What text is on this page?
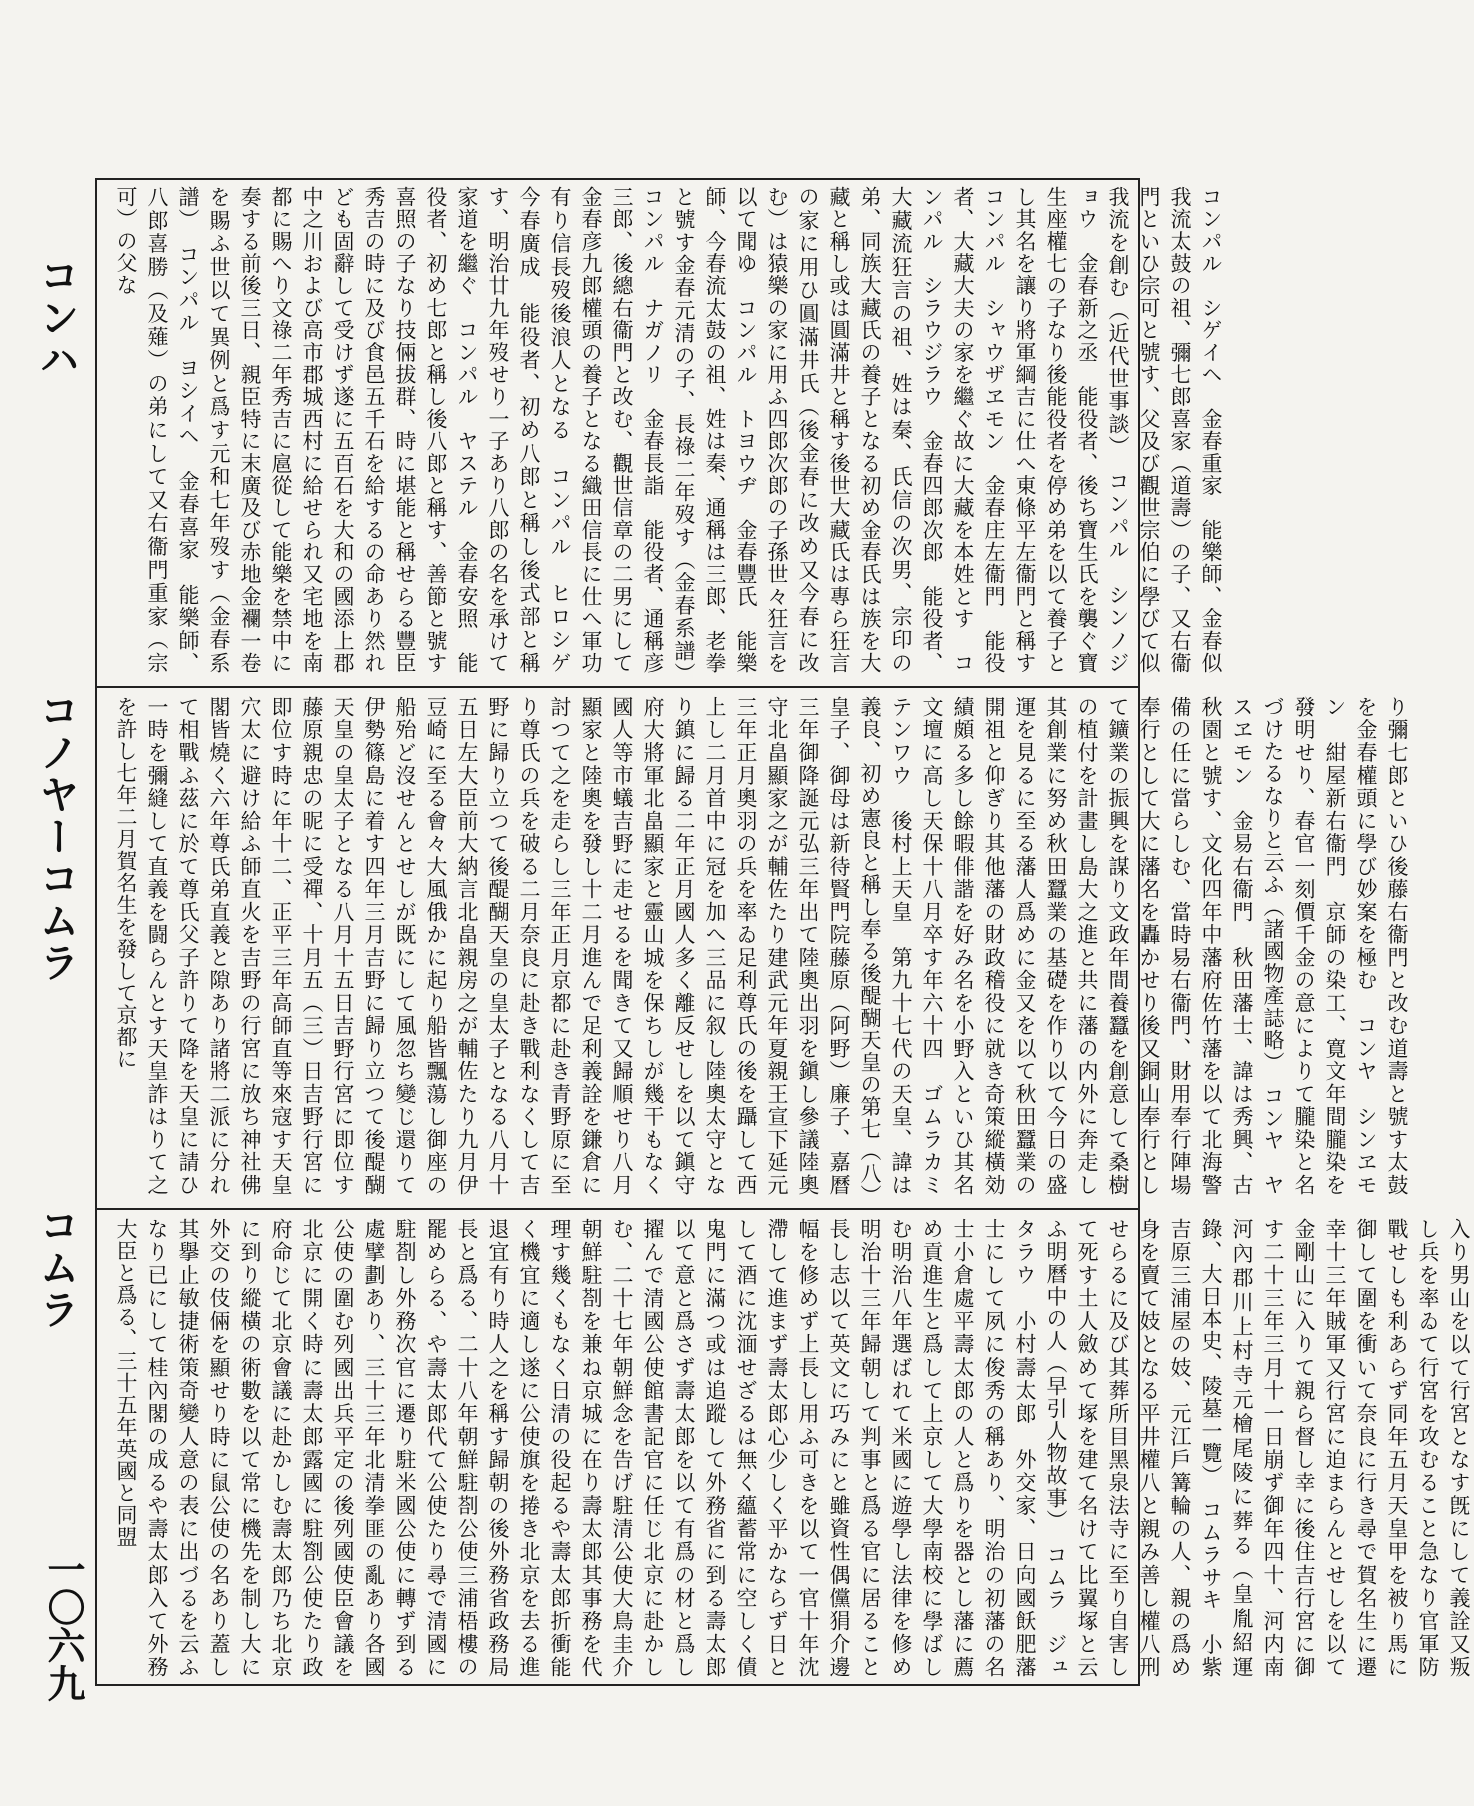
コンハ
コノヤーコムラ
コムラ
一〇六九
コンパル　シゲイヘ　金春重家　能樂師、金春似我流太鼓の祖、彌七郎喜家（道壽）の子、又右衞門といひ宗可と號す、父及び觀世宗伯に學びて似我流を創む（近代世事談）　コンパル　シンノジョウ　金春新之丞　能役者、後ち寶生氏を襲ぐ寶生座權七の子なり後能役者を停め弟を以て養子とし其名を讓り將軍綱吉に仕へ東條平左衞門と稱す　コンパル　シャウザヱモン　金春庄左衞門　能役者、大藏大夫の家を繼ぐ故に大藏を本姓とす　コンパル　シラウジラウ　金春四郎次郎　能役者、大藏流狂言の祖、姓は秦、氏信の次男、宗印の弟、同族大藏氏の養子となる初め金春氏は族を大藏と稱し或は圓滿井と稱す後世大藏氏は專ら狂言の家に用ひ圓滿井氏（後金春に改め又今春に改む）は猿樂の家に用ふ四郎次郎の子孫世々狂言を以て聞ゆ　コンパル　トヨウヂ　金春豐氏　能樂師、今春流太鼓の祖、姓は秦、通稱は三郎、老拳と號す金春元清の子、長祿二年歿す（金春系譜）　コンパル　ナガノリ　金春長詣　能役者、通稱彦三郎、後總右衞門と改む、觀世信章の二男にして金春彦九郎權頭の養子となる織田信長に仕へ軍功有り信長歿後浪人となる　コンパル　ヒロシゲ　今春廣成　能役者、初め八郎と稱し後式部と稱す、明治廿九年歿せり一子あり八郎の名を承けて家道を繼ぐ　コンパル　ヤステル　金春安照　能役者、初め七郎と稱し後八郎と稱す、善節と號す喜照の子なり技倆拔群、時に堪能と稱せらる豐臣秀吉の時に及び食邑五千石を給するの命あり然れども固辭して受けず遂に五百石を大和の國添上郡中之川および高市郡城西村に給せられ又宅地を南都に賜へり文祿二年秀吉に扈從して能樂を禁中に奏する前後三日、親臣特に末廣及び赤地金襴一卷を賜ふ世以て異例と爲す元和七年歿す（金春系譜）　コンパル　ヨシイヘ　金春喜家　能樂師、八郎喜勝（及薙）の弟にして又右衞門重家（宗可）の父な
り彌七郎といひ後藤右衞門と改む道壽と號す太鼓を金春權頭に學び妙案を極む　コンヤ　シンヱモン　紺屋新右衞門　京師の染工、寛文年間朧染を發明せり、春官一刻價千金の意によりて朧染と名づけたるなりと云ふ（諸國物產誌略）　コンヤ　ヤスヱモン　金易右衞門　秋田藩士、諱は秀興、古秋園と號す、文化四年中藩府佐竹藩を以て北海警備の任に當らしむ、當時易右衞門、財用奉行陣場奉行として大に藩名を轟かせり後又銅山奉行として鑛業の振興を謀り文政年間養蠶を創意して桑樹の植付を計畫し島大之進と共に藩の内外に奔走し其創業に努め秋田蠶業の基礎を作り以て今日の盛運を見るに至る藩人爲めに金又を以て秋田蠶業の開祖と仰ぎり其他藩の財政稽役に就き奇策縱橫効績頗る多し餘暇俳諧を好み名を小野入といひ其名文壇に高し天保十八月卒す年六十四　ゴムラカミテンワウ　後村上天皇　第九十七代の天皇、諱は義良、初め憲良と稱し奉る後醍醐天皇の第七（八）皇子、御母は新待賢門院藤原（阿野）廉子、嘉曆三年御降誕元弘三年出て陸奧出羽を鎭し參議陸奧守北畠顯家之が輔佐たり建武元年夏親王宣下延元三年正月奧羽の兵を率ゐ足利尊氏の後を躡して西上し二月首中に冠を加へ三品に叙し陸奧太守となり鎮に歸る二年正月國人多く離反せしを以て鎭守府大將軍北畠顯家と靈山城を保ちしが幾干もなく國人等市蟻吉野に走せるを聞きて又歸順せり八月顯家と陸奧を發し十二月進んで足利義詮を鎌倉に討つて之を走らし三年正月京都に赴き青野原に至り尊氏の兵を破る二月奈良に赴き戰利なくして吉野に歸り立つて後醍醐天皇の皇太子となる八月十五日左大臣前大納言北畠親房之が輔佐たり九月伊豆崎に至る會々大風俄かに起り船皆飄蕩し御座の船殆ど沒せんとせしが既にして風忽ち變じ還りて伊勢篠島に着す四年三月吉野に歸り立つて後醍醐天皇の皇太子となる八月十五日吉野行宮に即位す藤原親忠の昵に受禪、十月五（三）日吉野行宮に即位す時に年十二、正平三年高師直等來寇す天皇穴太に避け給ふ師直火を吉野の行宮に放ち神社佛閣皆燒く六年尊氏弟直義と隙あり諸將二派に分れて相戰ふ茲に於て尊氏父子許りて降を天皇に請ひ一時を彌縫して直義を闘らんとす天皇詐はりて之を許し七年二月賀名生を發して京都に
入り男山を以て行宮となす旣にして義詮又叛し兵を率ゐて行宮を攻むること急なり官軍防戰せしも利あらず同年五月天皇甲を被り馬に御して圍を衝いて奈良に行き尋で賀名生に遷幸十三年賊軍又行宮に迫まらんとせしを以て金剛山に入りて親ら督し幸に後住吉行宮に御す二十三年三月十一日崩ず御年四十、河内南河內郡川上村寺元檜尾陵に葬る（皇胤紹運錄、大日本史、陵墓一覽）　コムラサキ　小紫　吉原三浦屋の妓、元江戶篝輪の人、親の爲め身を賣て妓となる平井權八と親み善し權八刑せらるに及び其葬所目黑泉法寺に至り自害して死す土人斂めて塚を建て名けて比翼塚と云ふ明曆中の人（早引人物故事）　コムラ　ジュタラウ　小村壽太郎　外交家、日向國飫肥藩士にして夙に俊秀の稱あり、明治の初藩の名士小倉處平壽太郎の人と爲りを器とし藩に薦め貢進生と爲して上京して大學南校に學ばしむ明治八年選ばれて米國に遊學し法律を修め明治十三年歸朝して判事と爲る官に居ること長し志以て英文に巧みにと雖資性偶儻狷介邊幅を修めず上長し用ふ可きを以て一官十年沈滯して進まず壽太郎心少しく平かならず日として酒に沈湎せざるは無く蘊蓄常に空しく債鬼門に滿つ或は追蹤して外務省に到る壽太郎以て意と爲さず壽太郎を以て有爲の材と爲し擢んで清國公使館書記官に任じ北京に赴かしむ、二十七年朝鮮念を告げ駐清公使大鳥圭介朝鮮駐剳を兼ね京城に在り壽太郎其事務を代理す幾くもなく日清の役起るや壽太郎折衝能く機宜に適し遂に公使旗を捲き北京を去る進退宜有り時人之を稱す歸朝の後外務省政務局長と爲る、二十八年朝鮮駐剳公使三浦梧樓の罷めらる、や壽太郎代て公使たり尋で清國に駐剳し外務次官に遷り駐米國公使に轉ず到る處擘劃あり、三十三年北清拳匪の亂あり各國公使の圍む列國出兵平定の後列國使臣會議を北京に開く時に壽太郎露國に駐劄公使たり政府命じて北京會議に赴かしむ壽太郎乃ち北京に到り縱橫の術數を以て常に機先を制し大に外交の伎倆を顯せり時に鼠公使の名あり蓋し其擧止敏捷術策奇變人意の表に出づるを云ふなり已にして桂內閣の成るや壽太郎入て外務大臣と爲る、三十五年英國と同盟
